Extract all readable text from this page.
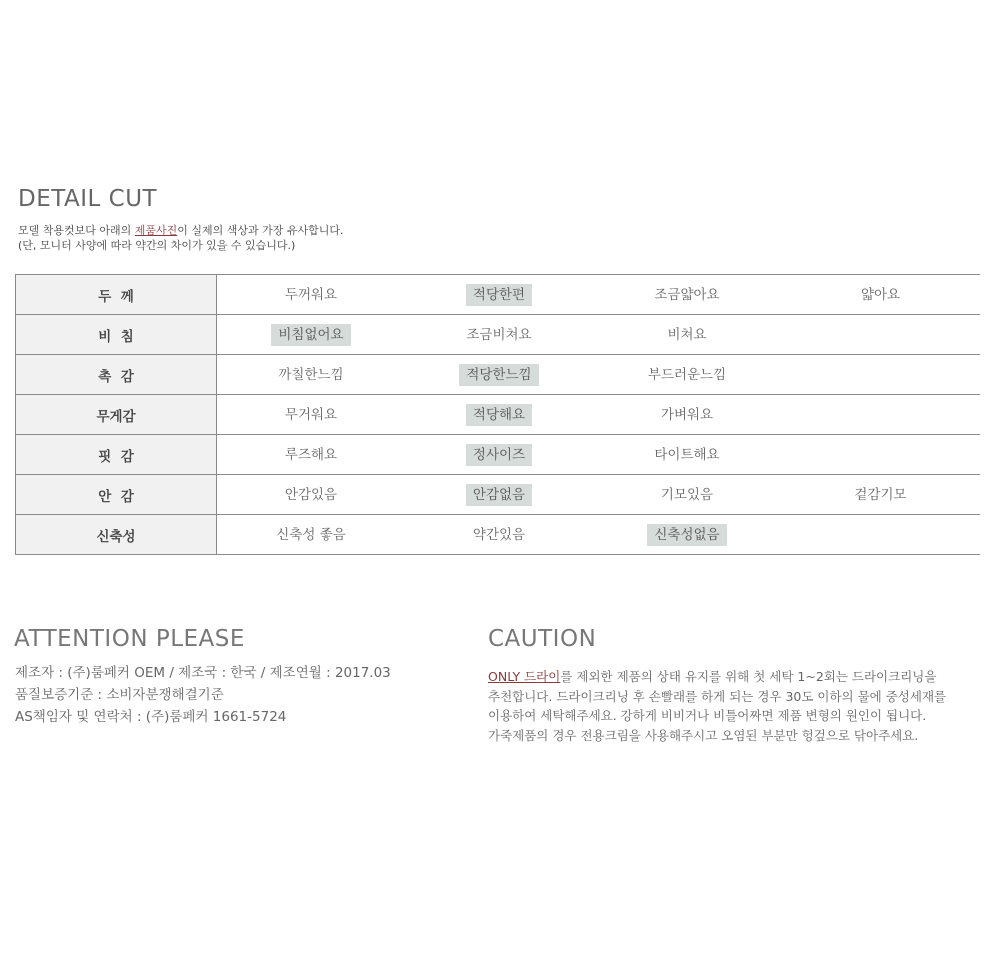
DETAIL CUT
모델 착용컷보다 아래의 제품사진이 실제의 색상과 가장 유사합니다.
(단, 모니터 사양에 따라 약간의 차이가 있을 수 있습니다.)
두  께	두꺼워요	적당한편	조금얇아요	얇아요
비  침	비침없어요	조금비쳐요	비쳐요	
촉  감	까칠한느낌	적당한느낌	부드러운느낌	
무게감	무거워요	적당해요	가벼워요	
핏  감	루즈해요	정사이즈	타이트해요	
안  감	안감있음	안감없음	기모있음	겉감기모
신축성	신축성 좋음	약간있음	신축성없음	
ATTENTION PLEASE
제조자 : (주)룸페커 OEM / 제조국 : 한국 / 제조연월 : 2017.03
품질보증기준 : 소비자분쟁해결기준
AS책임자 및 연락처 : (주)룸페커 1661-5724
CAUTION
ONLY 드라이를 제외한 제품의 상태 유지를 위해 첫 세탁 1~2회는 드라이크리닝을
추천합니다. 드라이크리닝 후 손빨래를 하게 되는 경우 30도 이하의 물에 중성세재를
이용하여 세탁해주세요. 강하게 비비거나 비틀어짜면 제품 변형의 원인이 됩니다.
가죽제품의 경우 전용크림을 사용해주시고 오염된 부분만 헝겊으로 닦아주세요.
